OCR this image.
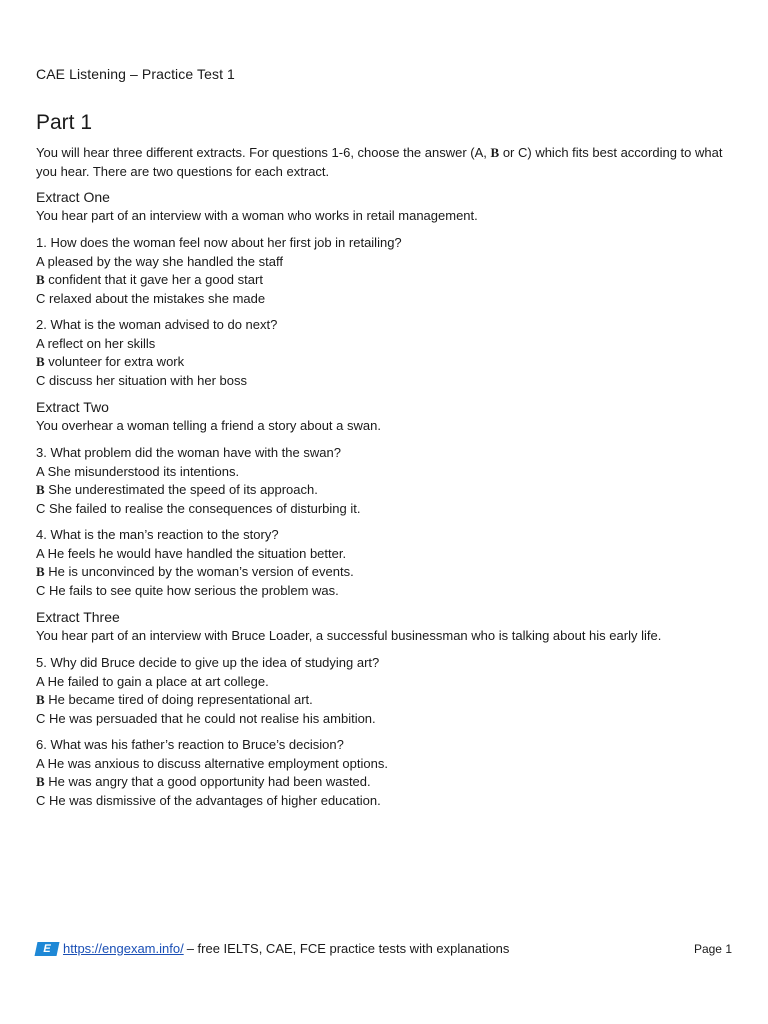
CAE Listening – Practice Test 1
Part 1
You will hear three different extracts. For questions 1-6, choose the answer (A, B or C) which fits best according to what you hear. There are two questions for each extract.
Extract One
You hear part of an interview with a woman who works in retail management.
1. How does the woman feel now about her first job in retailing?
A pleased by the way she handled the staff
B confident that it gave her a good start
C relaxed about the mistakes she made
2. What is the woman advised to do next?
A reflect on her skills
B volunteer for extra work
C discuss her situation with her boss
Extract Two
You overhear a woman telling a friend a story about a swan.
3. What problem did the woman have with the swan?
A She misunderstood its intentions.
B She underestimated the speed of its approach.
C She failed to realise the consequences of disturbing it.
4. What is the man’s reaction to the story?
A He feels he would have handled the situation better.
B He is unconvinced by the woman’s version of events.
C He fails to see quite how serious the problem was.
Extract Three
You hear part of an interview with Bruce Loader, a successful businessman who is talking about his early life.
5. Why did Bruce decide to give up the idea of studying art?
A He failed to gain a place at art college.
B He became tired of doing representational art.
C He was persuaded that he could not realise his ambition.
6. What was his father’s reaction to Bruce’s decision?
A He was anxious to discuss alternative employment options.
B He was angry that a good opportunity had been wasted.
C He was dismissive of the advantages of higher education.
E https://engexam.info/ – free IELTS, CAE, FCE practice tests with explanations	Page 1
